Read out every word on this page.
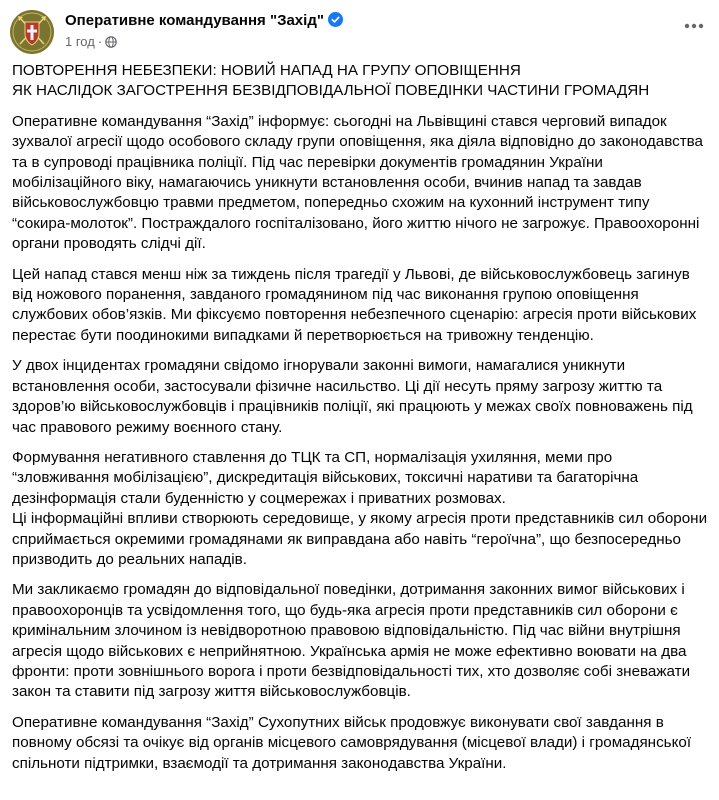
Оперативне командування "Захід"
1 год ·
ПОВТОРЕННЯ НЕБЕЗПЕКИ: НОВИЙ НАПАД НА ГРУПУ ОПОВІЩЕННЯ
ЯК НАСЛІДОК ЗАГОСТРЕННЯ БЕЗВІДПОВІДАЛЬНОЇ ПОВЕДІНКИ ЧАСТИНИ ГРОМАДЯН

Оперативне командування “Захід” інформує: сьогодні на Львівщині стався черговий випадок зухвалої агресії щодо особового складу групи оповіщення, яка діяла відповідно до законодавства та в супроводі працівника поліції. Під час перевірки документів громадянин України мобілізаційного віку, намагаючись уникнути встановлення особи, вчинив напад та завдав військовослужбовцю травми предметом, попередньо схожим на кухонний інструмент типу “сокира-молоток”. Постраждалого госпіталізовано, його життю нічого не загрожує. Правоохоронні органи проводять слідчі дії.

Цей напад стався менш ніж за тиждень після трагедії у Львові, де військовослужбовець загинув від ножового поранення, завданого громадянином під час виконання групою оповіщення службових обов’язків. Ми фіксуємо повторення небезпечного сценарію: агресія проти військових перестає бути поодинокими випадками й перетворюється на тривожну тенденцію.

У двох інцидентах громадяни свідомо ігнорували законні вимоги, намагалися уникнути встановлення особи, застосували фізичне насильство. Ці дії несуть пряму загрозу життю та здоров’ю військовослужбовців і працівників поліції, які працюють у межах своїх повноважень під час правового режиму воєнного стану.

Формування негативного ставлення до ТЦК та СП, нормалізація ухиляння, меми про “зловживання мобілізацією”, дискредитація військових, токсичні наративи та багаторічна дезінформація стали буденністю у соцмережах і приватних розмовах.

Ці інформаційні впливи створюють середовище, у якому агресія проти представників сил оборони сприймається окремими громадянами як виправдана або навіть “героїчна”, що безпосередньо призводить до реальних нападів.

Ми закликаємо громадян до відповідальної поведінки, дотримання законних вимог військових і правоохоронців та усвідомлення того, що будь-яка агресія проти представників сил оборони є кримінальним злочином із невідворотною правовою відповідальністю. Під час війни внутрішня агресія щодо військових є неприйнятною. Українська армія не може ефективно воювати на два фронти: проти зовнішнього ворога і проти безвідповідальності тих, хто дозволяє собі зневажати закон та ставити під загрозу життя військовослужбовців.

Оперативне командування “Захід” Сухопутних військ продовжує виконувати свої завдання в повному обсязі та очікує від органів місцевого самоврядування (місцевої влади) і громадянської спільноти підтримки, взаємодії та дотримання законодавства України.
